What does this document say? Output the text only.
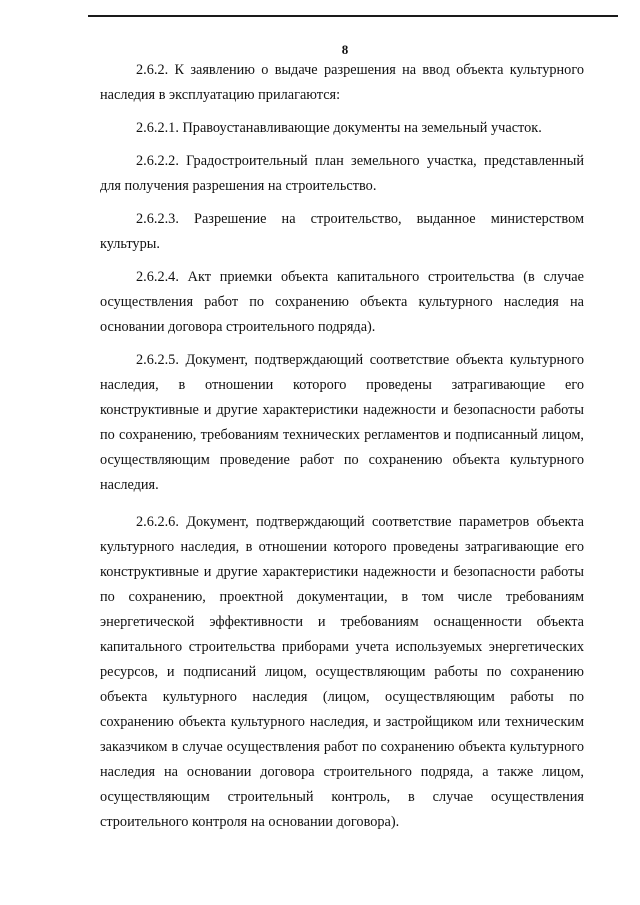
8

2.6.2. К заявлению о выдаче разрешения на ввод объекта культурного наследия в эксплуатацию прилагаются:

2.6.2.1. Правоустанавливающие документы на земельный участок.

2.6.2.2. Градостроительный план земельного участка, представленный для получения разрешения на строительство.

2.6.2.3. Разрешение на строительство, выданное министерством культуры.

2.6.2.4. Акт приемки объекта капитального строительства (в случае осуществления работ по сохранению объекта культурного наследия на основании договора строительного подряда).

2.6.2.5. Документ, подтверждающий соответствие объекта культурного наследия, в отношении которого проведены затрагивающие его конструктивные и другие характеристики надежности и безопасности работы по сохранению, требованиям технических регламентов и подписанный лицом, осуществляющим проведение работ по сохранению объекта культурного наследия.

2.6.2.6. Документ, подтверждающий соответствие параметров объекта культурного наследия, в отношении которого проведены затрагивающие его конструктивные и другие характеристики надежности и безопасности работы по сохранению, проектной документации, в том числе требованиям энергетической эффективности и требованиям оснащенности объекта капитального строительства приборами учета используемых энергетических ресурсов, и подписаний лицом, осуществляющим работы по сохранению объекта культурного наследия (лицом, осуществляющим работы по сохранению объекта культурного наследия, и застройщиком или техническим заказчиком в случае осуществления работ по сохранению объекта культурного наследия на основании договора строительного подряда, а также лицом, осуществляющим строительный контроль, в случае осуществления строительного контроля на основании договора).
